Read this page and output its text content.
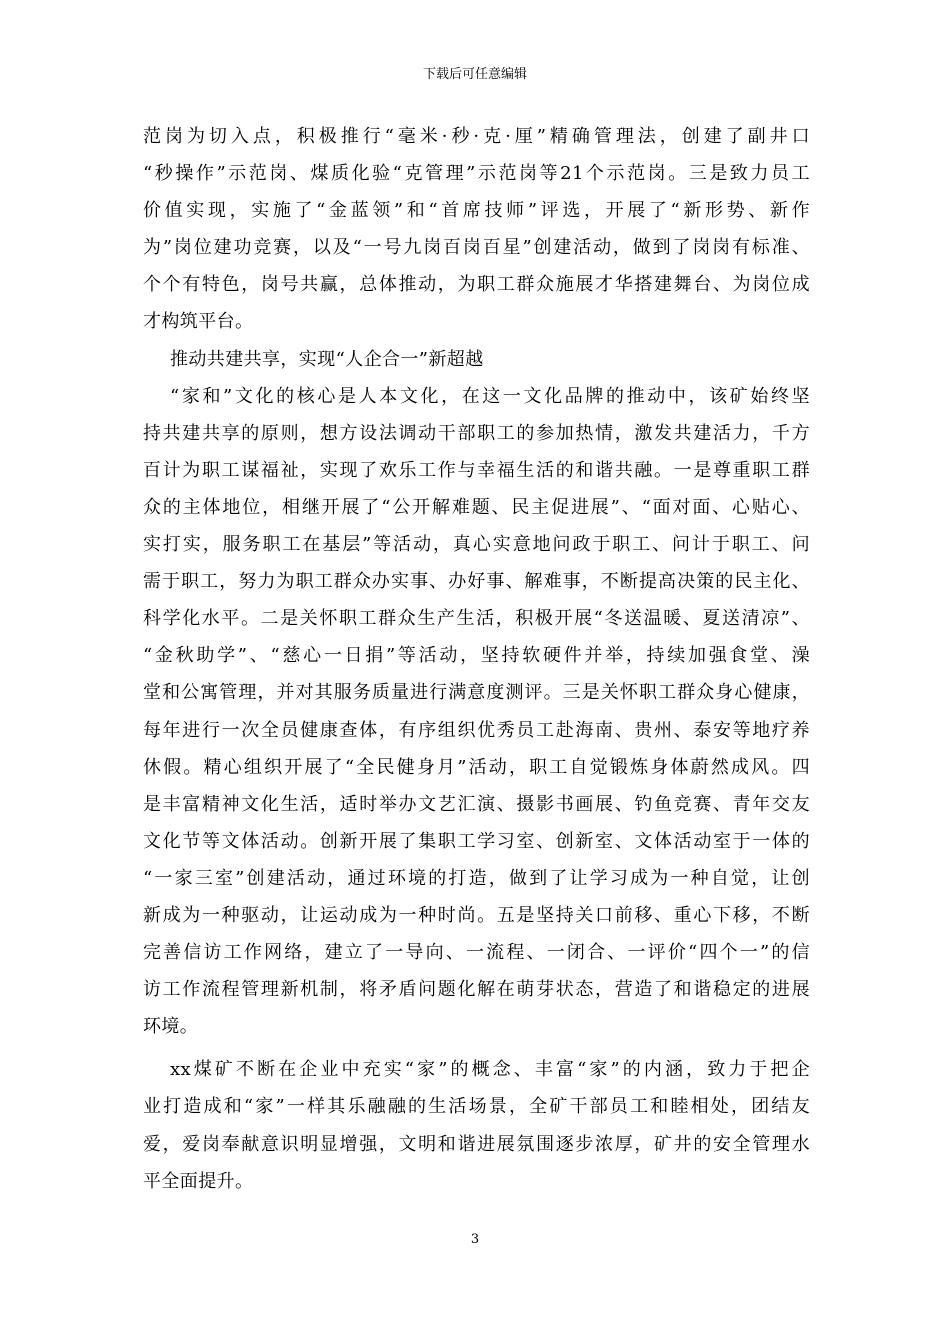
下载后可任意编辑
范岗为切入点，积极推行“毫米·秒·克·厘”精确管理法，创建了副井口
“秒操作”示范岗、煤质化验“克管理”示范岗等21个示范岗。三是致力员工
价值实现，实施了“金蓝领”和“首席技师”评选，开展了“新形势、新作
为”岗位建功竞赛，以及“一号九岗百岗百星”创建活动，做到了岗岗有标准、
个个有特色，岗号共赢，总体推动，为职工群众施展才华搭建舞台、为岗位成
才构筑平台。
推动共建共享，实现“人企合一”新超越
“家和”文化的核心是人本文化，在这一文化品牌的推动中，该矿始终坚
持共建共享的原则，想方设法调动干部职工的参加热情，激发共建活力，千方
百计为职工谋福祉，实现了欢乐工作与幸福生活的和谐共融。一是尊重职工群
众的主体地位，相继开展了“公开解难题、民主促进展”、“面对面、心贴心、
实打实，服务职工在基层”等活动，真心实意地问政于职工、问计于职工、问
需于职工，努力为职工群众办实事、办好事、解难事，不断提高决策的民主化、
科学化水平。二是关怀职工群众生产生活，积极开展“冬送温暖、夏送清凉”、
“金秋助学”、“慈心一日捐”等活动，坚持软硬件并举，持续加强食堂、澡
堂和公寓管理，并对其服务质量进行满意度测评。三是关怀职工群众身心健康，
每年进行一次全员健康查体，有序组织优秀员工赴海南、贵州、泰安等地疗养
休假。精心组织开展了“全民健身月”活动，职工自觉锻炼身体蔚然成风。四
是丰富精神文化生活，适时举办文艺汇演、摄影书画展、钓鱼竞赛、青年交友
文化节等文体活动。创新开展了集职工学习室、创新室、文体活动室于一体的
“一家三室”创建活动，通过环境的打造，做到了让学习成为一种自觉，让创
新成为一种驱动，让运动成为一种时尚。五是坚持关口前移、重心下移，不断
完善信访工作网络，建立了一导向、一流程、一闭合、一评价“四个一”的信
访工作流程管理新机制，将矛盾问题化解在萌芽状态，营造了和谐稳定的进展
环境。
xx煤矿不断在企业中充实“家”的概念、丰富“家”的内涵，致力于把企
业打造成和“家”一样其乐融融的生活场景，全矿干部员工和睦相处，团结友
爱，爱岗奉献意识明显增强，文明和谐进展氛围逐步浓厚，矿井的安全管理水
平全面提升。
3
